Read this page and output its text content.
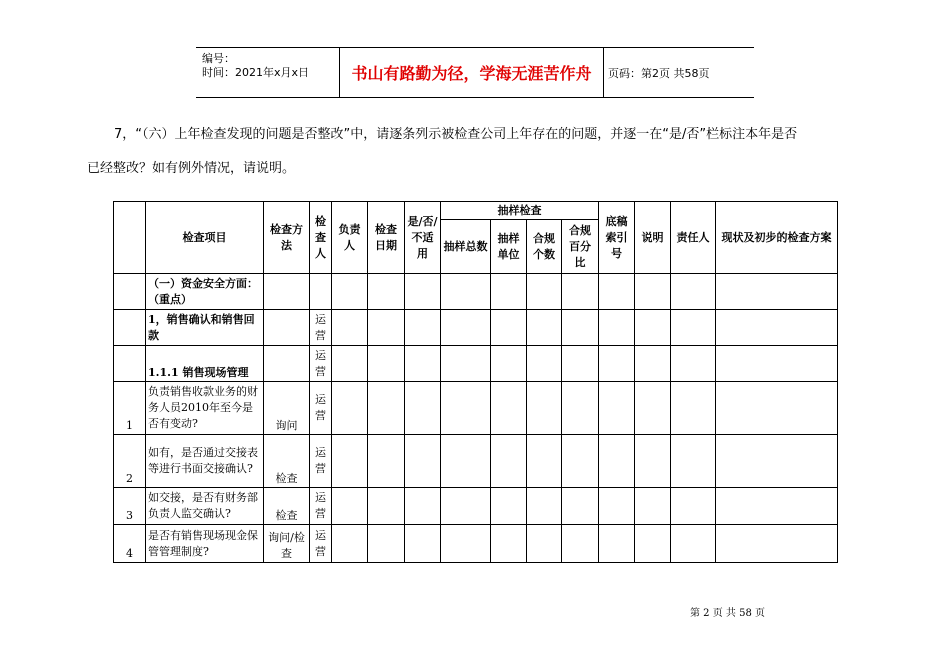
编号：
时间：2021年x月x日	书山有路勤为径，学海无涯苦作舟	页码：第2页 共58页
7，“（六）上年检查发现的问题是否整改”中，请逐条列示被检查公司上年存在的问题，并逐一在“是/否”栏标注本年是否
已经整改？如有例外情况，请说明。
	检查项目	检查方法	检查人	负责人	检查日期	是/否/不适用	抽样检查				底稿索引号	说明	责任人	现状及初步的检查方案
							抽样总数	抽样单位	合规个数	合规百分比				
	（一）资金安全方面：（重点）													
	1，销售确认和销售回款		运营											
	1.1.1 销售现场管理		运营											
1	负责销售收款业务的财务人员2010年至今是否有变动?	询问	运营											
2	如有，是否通过交接表等进行书面交接确认?	检查	运营											
3	如交接，是否有财务部负责人监交确认?	检查	运营											
4	是否有销售现场现金保管管理制度?	询问/检查	运营											
第 2 页 共 58 页
